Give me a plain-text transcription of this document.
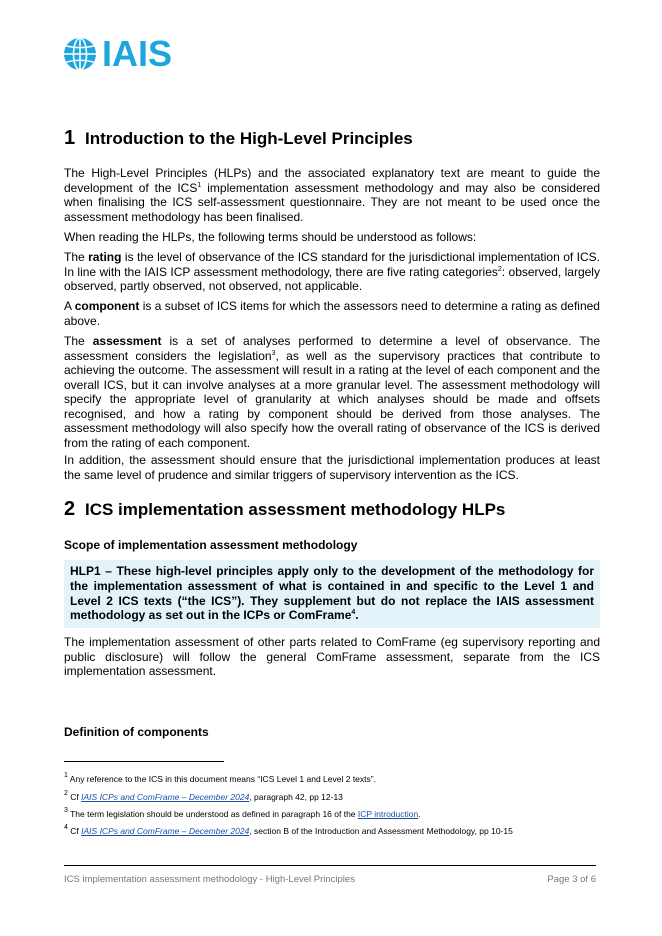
IAIS
1 Introduction to the High-Level Principles

The High-Level Principles (HLPs) and the associated explanatory text are meant to guide the development of the ICS$^1$ implementation assessment methodology and may also be considered when finalising the ICS self-assessment questionnaire. They are not meant to be used once the assessment methodology has been finalised.

When reading the HLPs, the following terms should be understood as follows:

The rating is the level of observance of the ICS standard for the jurisdictional implementation of ICS. In line with the IAIS ICP assessment methodology, there are five rating categories$^2$: observed, largely observed, partly observed, not observed, not applicable.

A component is a subset of ICS items for which the assessors need to determine a rating as defined above.

The assessment is a set of analyses performed to determine a level of observance. The assessment considers the legislation$^3$, as well as the supervisory practices that contribute to achieving the outcome. The assessment will result in a rating at the level of each component and the overall ICS, but it can involve analyses at a more granular level. The assessment methodology will specify the appropriate level of granularity at which analyses should be made and offsets recognised, and how a rating by component should be derived from those analyses. The assessment methodology will also specify how the overall rating of observance of the ICS is derived from the rating of each component.

In addition, the assessment should ensure that the jurisdictional implementation produces at least the same level of prudence and similar triggers of supervisory intervention as the ICS.

2 ICS implementation assessment methodology HLPs
Scope of implementation assessment methodology

HLP1 – These high-level principles apply only to the development of the methodology for the implementation assessment of what is contained in and specific to the Level 1 and Level 2 ICS texts (“the ICS”). They supplement but do not replace the IAIS assessment methodology as set out in the ICPs or ComFrame$^4$.

The implementation assessment of other parts related to ComFrame (eg supervisory reporting and public disclosure) will follow the general ComFrame assessment, separate from the ICS implementation assessment.

Definition of components
$^1$ Any reference to the ICS in this document means “ICS Level 1 and Level 2 texts”.
$^2$ Cf IAIS ICPs and ComFrame – December 2024, paragraph 42, pp 12-13
$^3$ The term legislation should be understood as defined in paragraph 16 of the ICP introduction.
$^4$ Cf IAIS ICPs and ComFrame – December 2024, section B of the Introduction and Assessment Methodology, pp 10-15
ICS implementation assessment methodology - High-Level Principles	Page 3 of 6
